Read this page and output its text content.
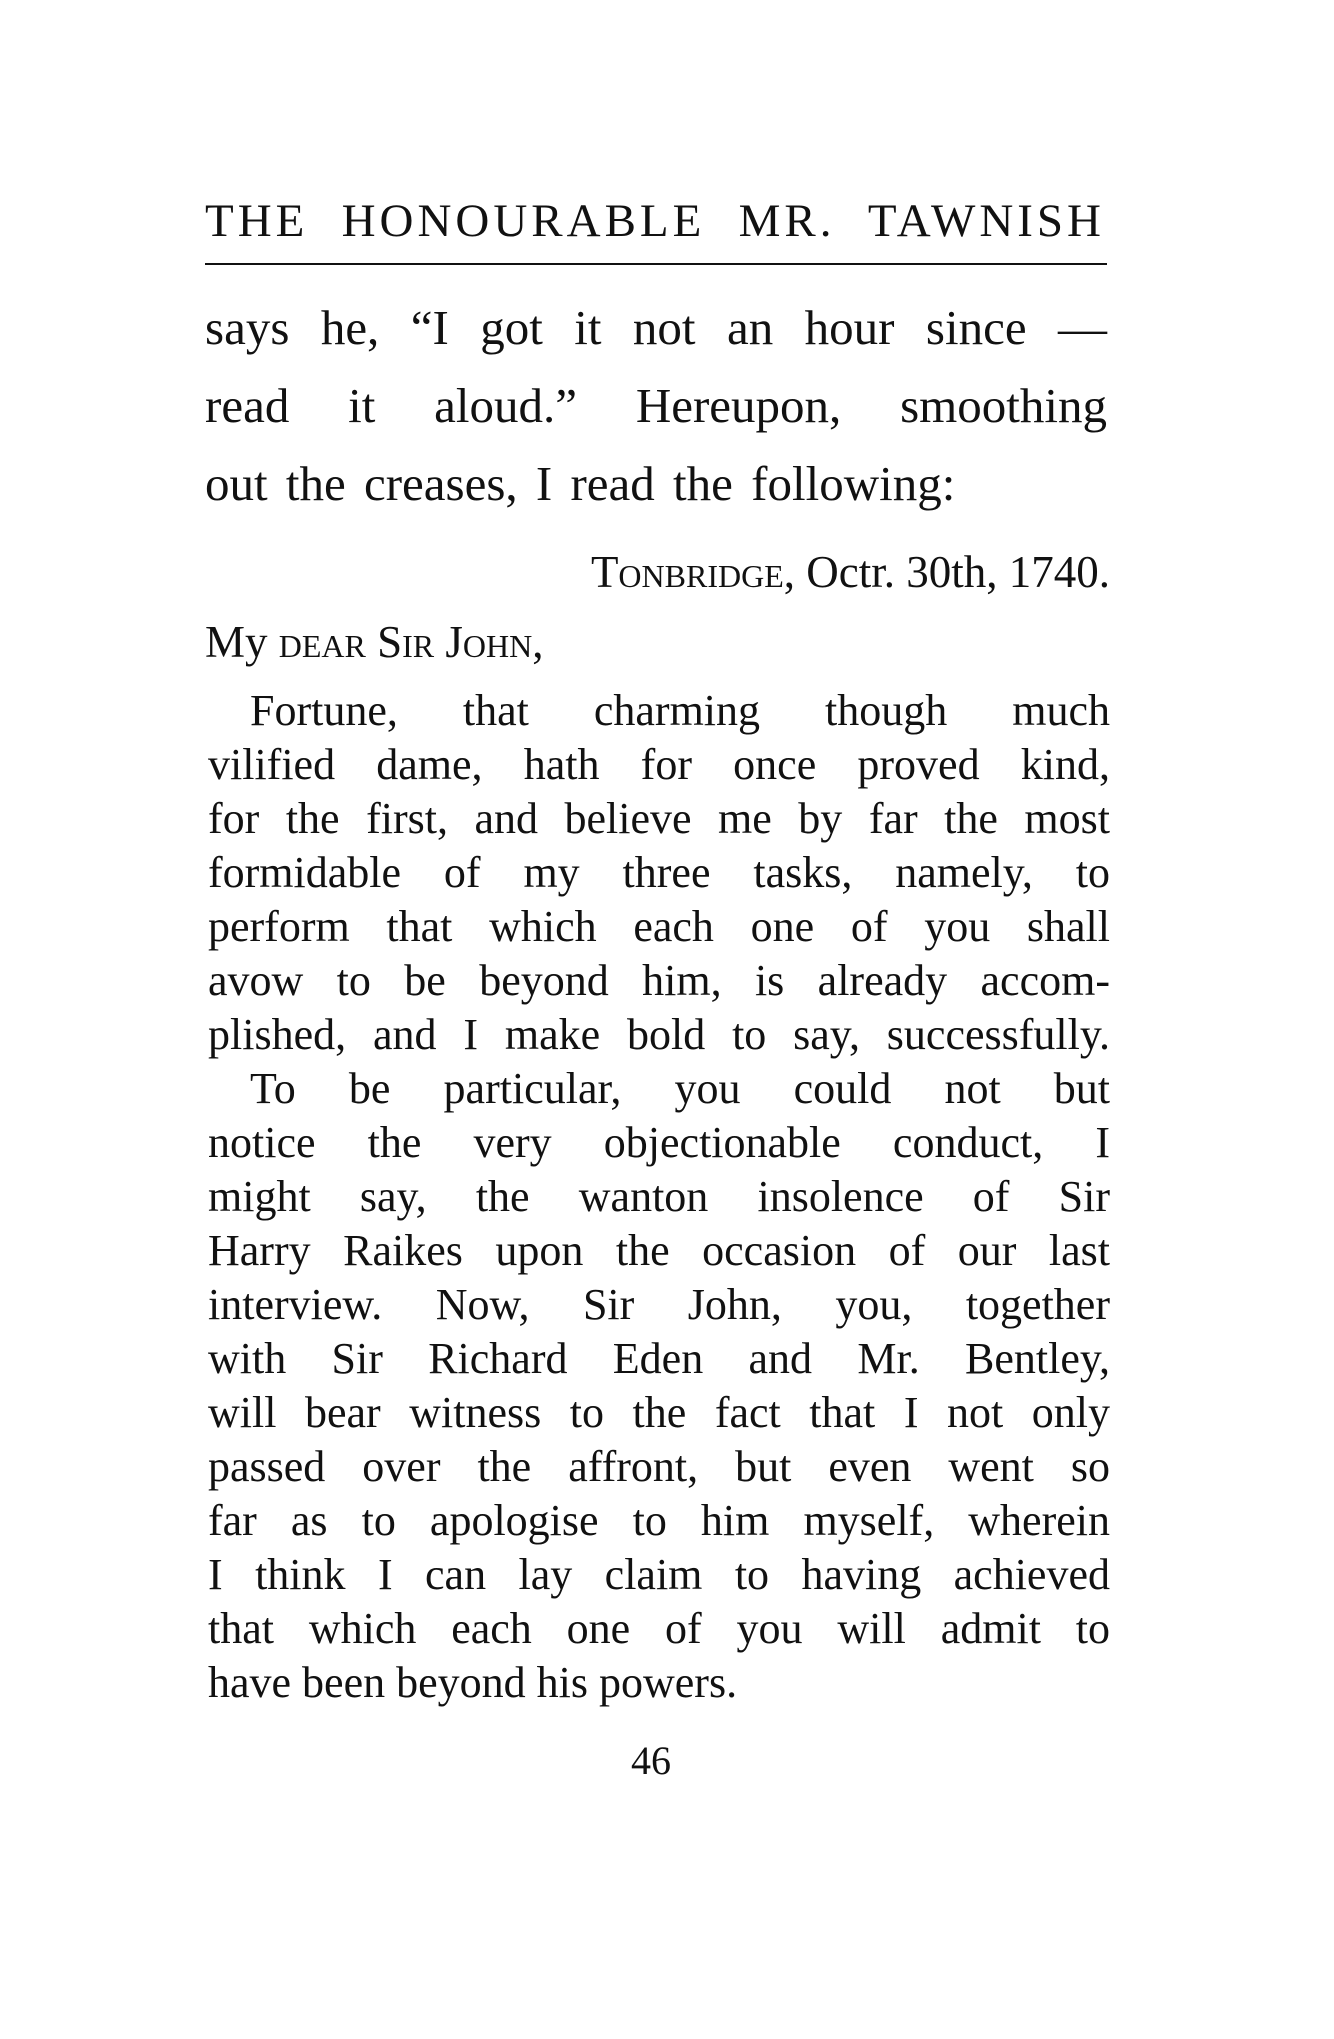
THE HONOURABLE MR. TAWNISH
says he, “I got it not an hour since —
read it aloud.” Hereupon, smoothing
out the creases, I read the following:
Tonbridge, Octr. 30th, 1740.
My dear Sir John,
Fortune, that charming though much
vilified dame, hath for once proved kind,
for the first, and believe me by far the most
formidable of my three tasks, namely, to
perform that which each one of you shall
avow to be beyond him, is already accom-
plished, and I make bold to say, successfully.
To be particular, you could not but
notice the very objectionable conduct, I
might say, the wanton insolence of Sir
Harry Raikes upon the occasion of our last
interview. Now, Sir John, you, together
with Sir Richard Eden and Mr. Bentley,
will bear witness to the fact that I not only
passed over the affront, but even went so
far as to apologise to him myself, wherein
I think I can lay claim to having achieved
that which each one of you will admit to
have been beyond his powers.
46
